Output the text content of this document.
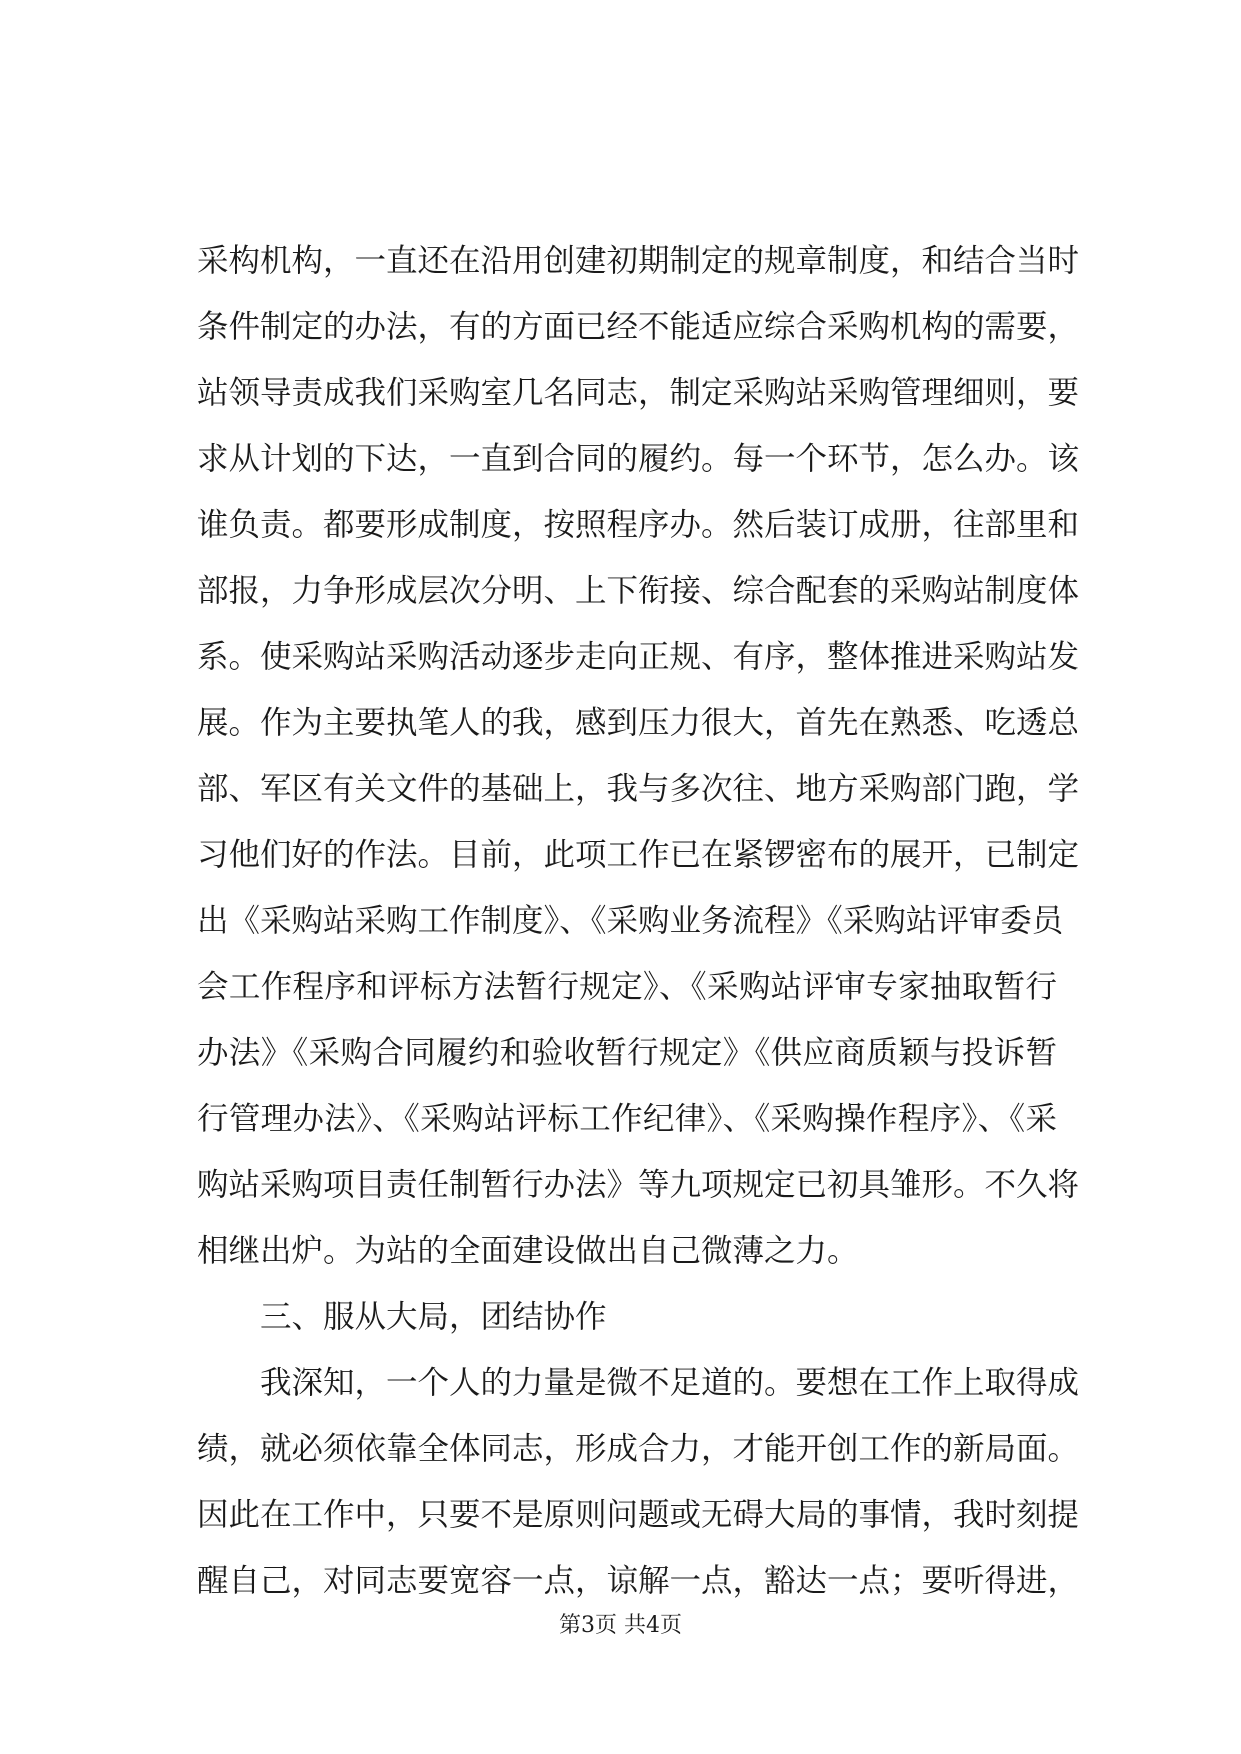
采构机构，一直还在沿用创建初期制定的规章制度，和结合当时
条件制定的办法，有的方面已经不能适应综合采购机构的需要，
站领导责成我们采购室几名同志，制定采购站采购管理细则，要
求从计划的下达，一直到合同的履约。每一个环节，怎么办。该
谁负责。都要形成制度，按照程序办。然后装订成册，往部里和
部报，力争形成层次分明、上下衔接、综合配套的采购站制度体
系。使采购站采购活动逐步走向正规、有序，整体推进采购站发
展。作为主要执笔人的我，感到压力很大，首先在熟悉、吃透总
部、军区有关文件的基础上，我与多次往、地方采购部门跑，学
习他们好的作法。目前，此项工作已在紧锣密布的展开，已制定
出《采购站采购工作制度》、《采购业务流程》《采购站评审委员
会工作程序和评标方法暂行规定》、《采购站评审专家抽取暂行
办法》《采购合同履约和验收暂行规定》《供应商质颖与投诉暂
行管理办法》、《采购站评标工作纪律》、《采购操作程序》、《采
购站采购项目责任制暂行办法》等九项规定已初具雏形。不久将
相继出炉。为站的全面建设做出自己微薄之力。
三、服从大局，团结协作
我深知，一个人的力量是微不足道的。要想在工作上取得成
绩，就必须依靠全体同志，形成合力，才能开创工作的新局面。
因此在工作中，只要不是原则问题或无碍大局的事情，我时刻提
醒自己，对同志要宽容一点，谅解一点，豁达一点；要听得进，
第3页 共4页
